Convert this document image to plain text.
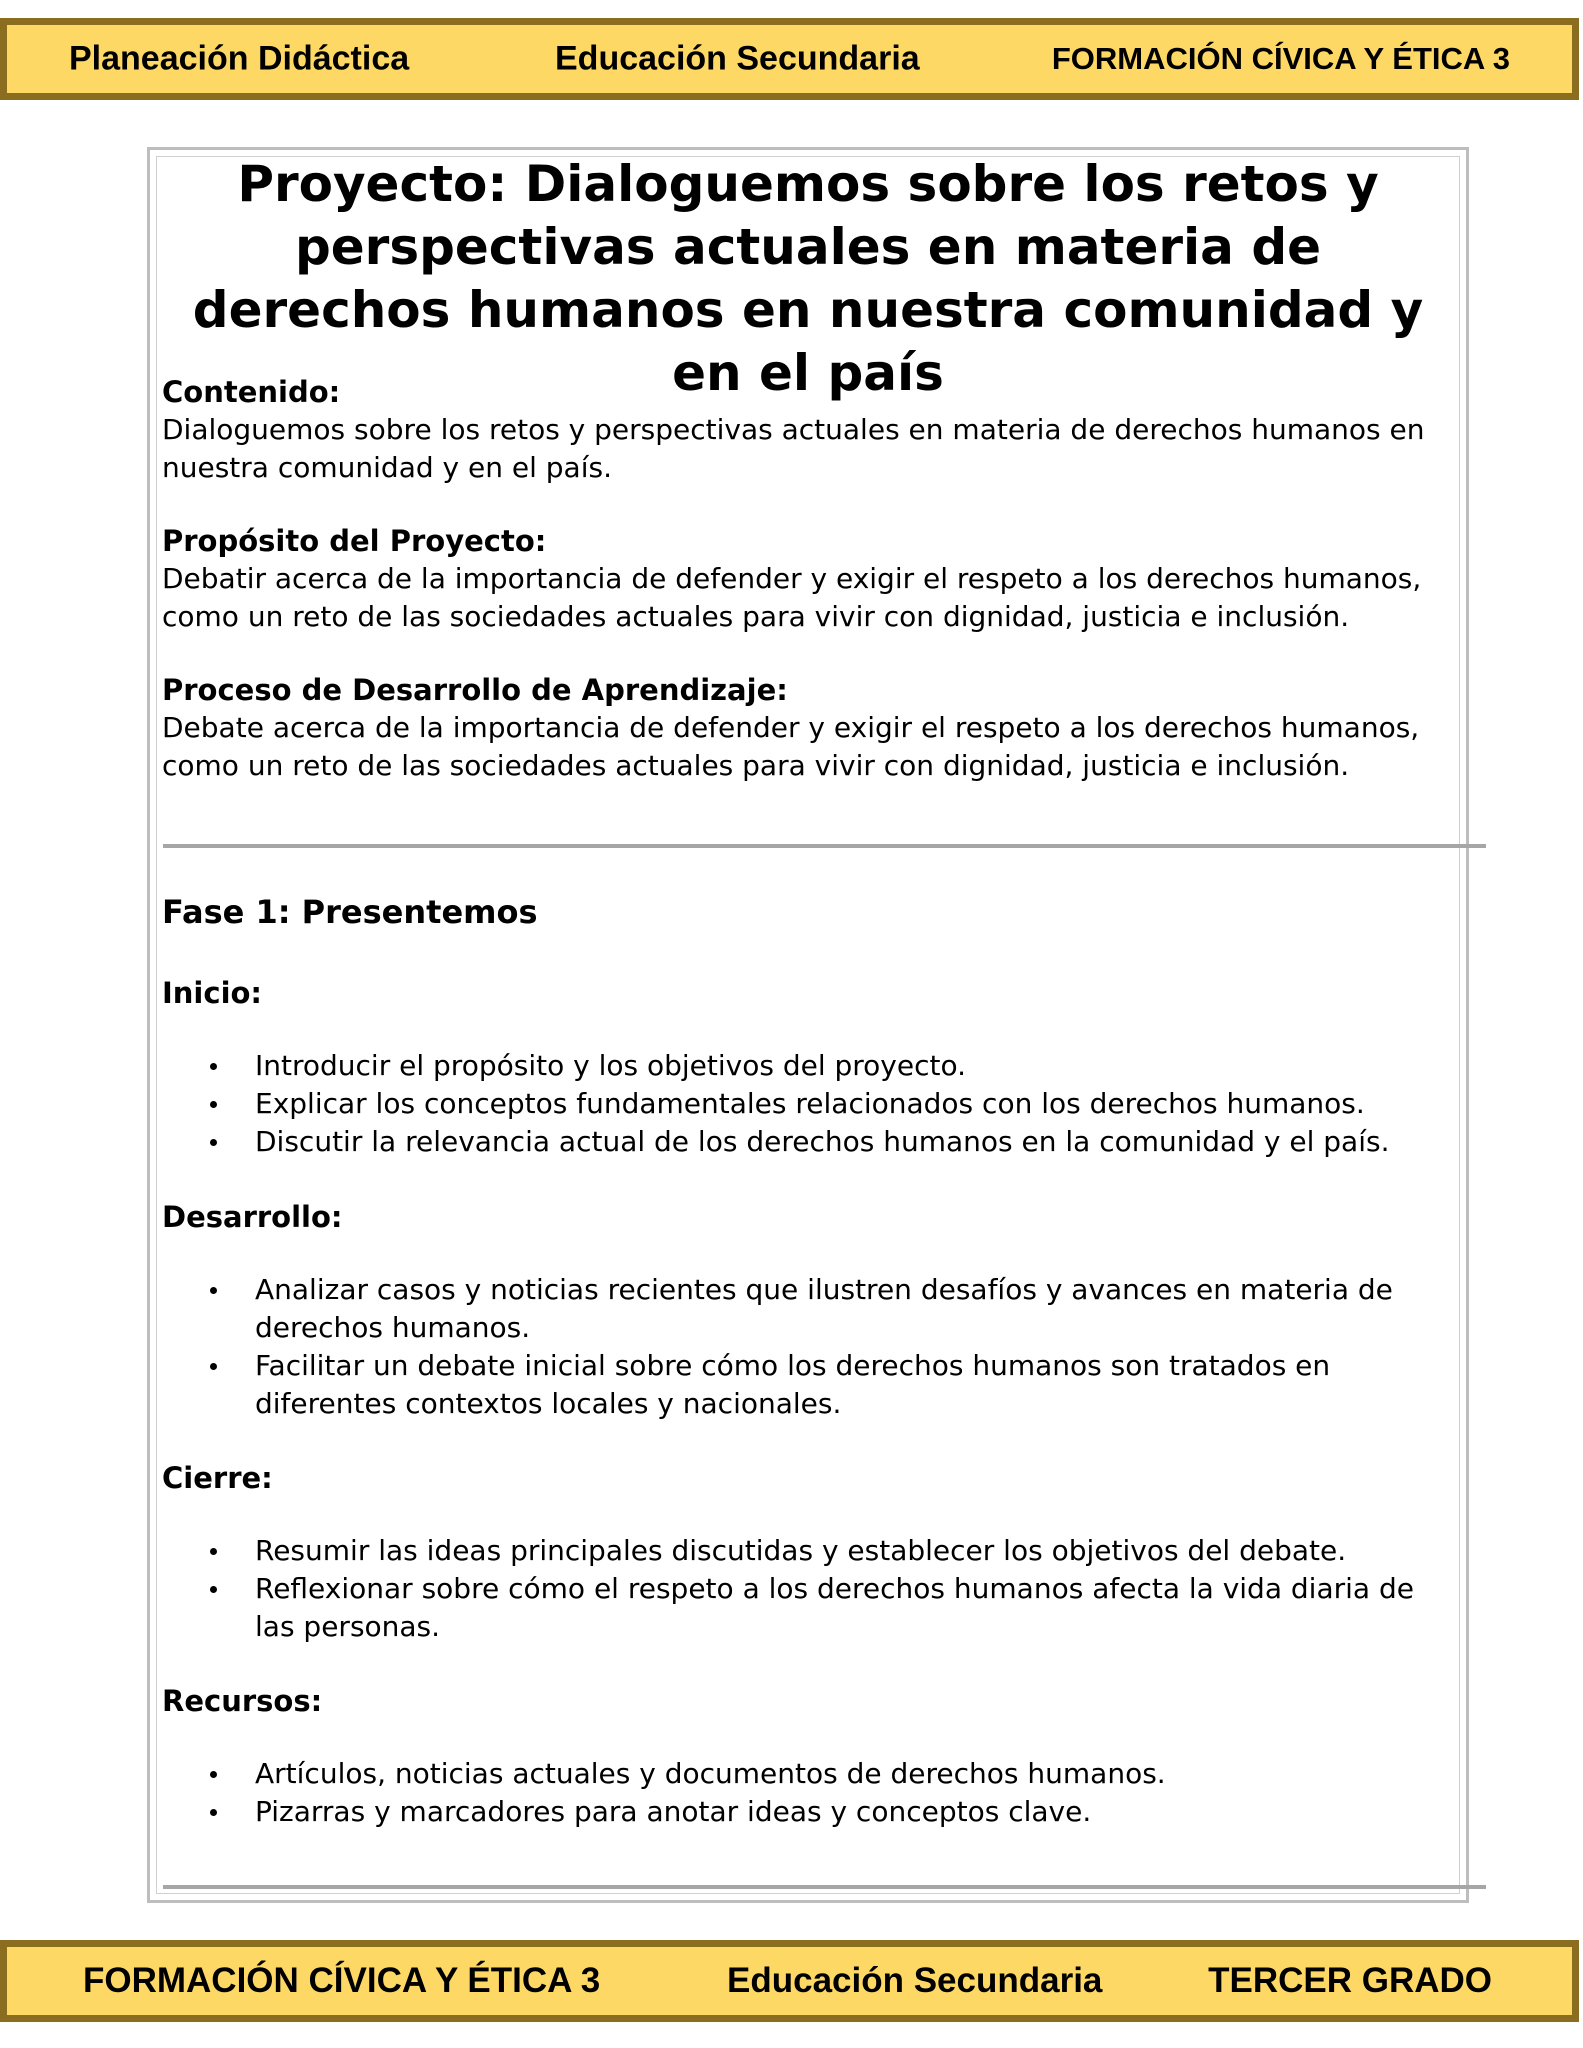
Planeación Didáctica	Educación Secundaria	FORMACIÓN CÍVICA Y ÉTICA 3
Proyecto: Dialoguemos sobre los retos y perspectivas actuales en materia de derechos humanos en nuestra comunidad y en el país

Contenido:

Dialoguemos sobre los retos y perspectivas actuales en materia de derechos humanos en nuestra comunidad y en el país.

Propósito del Proyecto:

Debatir acerca de la importancia de defender y exigir el respeto a los derechos humanos, como un reto de las sociedades actuales para vivir con dignidad, justicia e inclusión.

Proceso de Desarrollo de Aprendizaje:

Debate acerca de la importancia de defender y exigir el respeto a los derechos humanos, como un reto de las sociedades actuales para vivir con dignidad, justicia e inclusión.

Fase 1: Presentemos

Inicio:

Introducir el propósito y los objetivos del proyecto.
Explicar los conceptos fundamentales relacionados con los derechos humanos.
Discutir la relevancia actual de los derechos humanos en la comunidad y el país.

Desarrollo:

Analizar casos y noticias recientes que ilustren desafíos y avances en materia de derechos humanos.
Facilitar un debate inicial sobre cómo los derechos humanos son tratados en diferentes contextos locales y nacionales.

Cierre:

Resumir las ideas principales discutidas y establecer los objetivos del debate.
Reflexionar sobre cómo el respeto a los derechos humanos afecta la vida diaria de las personas.

Recursos:

Artículos, noticias actuales y documentos de derechos humanos.
Pizarras y marcadores para anotar ideas y conceptos clave.
FORMACIÓN CÍVICA Y ÉTICA 3	Educación Secundaria	TERCER GRADO
